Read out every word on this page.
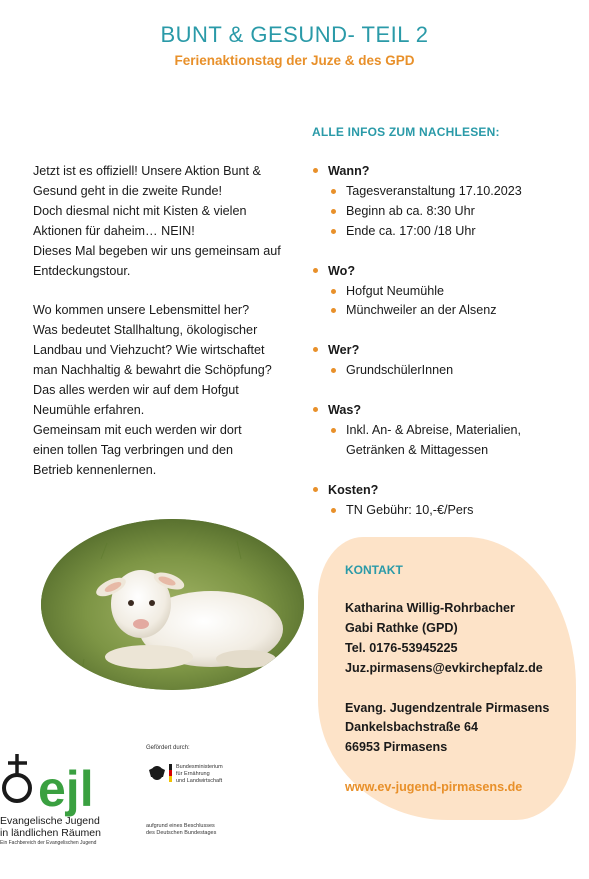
BUNT & GESUND- TEIL 2
Ferienaktionstag der Juze & des GPD

Jetzt ist es offiziell! Unsere Aktion Bunt &
Gesund geht in die zweite Runde!
Doch diesmal nicht mit Kisten & vielen
Aktionen für daheim… NEIN!
Dieses Mal begeben wir uns gemeinsam auf
Entdeckungstour.

Wo kommen unsere Lebensmittel her?
Was bedeutet Stallhaltung, ökologischer
Landbau und Viehzucht? Wie wirtschaftet
man Nachhaltig & bewahrt die Schöpfung?
Das alles werden wir auf dem Hofgut
Neumühle erfahren.
Gemeinsam mit euch werden wir dort
einen tollen Tag verbringen und den
Betrieb kennenlernen.

ALLE INFOS ZUM NACHLESEN:
Wann?
Tagesveranstaltung 17.10.2023
Beginn ab ca. 8:30 Uhr
Ende ca. 17:00 /18 Uhr
Wo?
Hofgut Neumühle
Münchweiler an der Alsenz
Wer?
GrundschülerInnen
Was?
Inkl. An- & Abreise, Materialien,
Getränken & Mittagessen
Kosten?
TN Gebühr: 10,-€/Pers
KONTAKT
Katharina Willig-Rohrbacher
Gabi Rathke (GPD)
Tel. 0176-53945225
Juz.pirmasens@evkirchepfalz.de
Evang. Jugendzentrale Pirmasens
Dankelsbachstraße 64
66953 Pirmasens
www.ev-jugend-pirmasens.de
ejl
Evangelische Jugend
in ländlichen Räumen
Ein Fachbereich der Evangelischen Jugend
Gefördert durch:
Bundesministerium
für Ernährung
und Landwirtschaft
aufgrund eines Beschlusses
des Deutschen Bundestages
